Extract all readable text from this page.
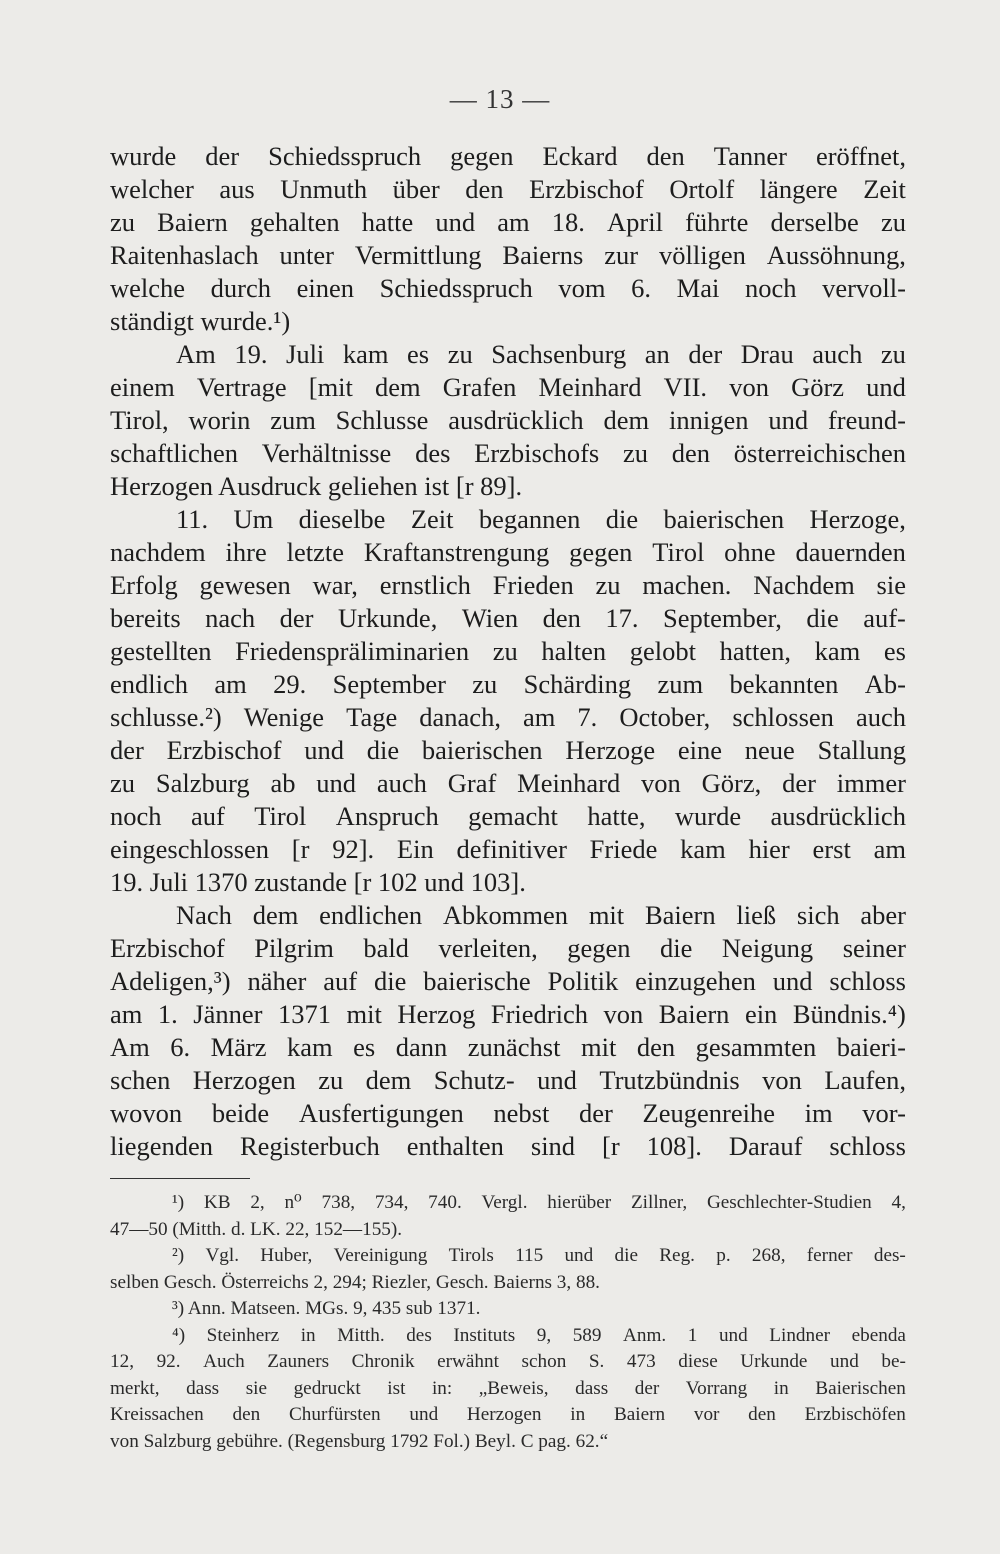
— 13 —
wurde der Schiedsspruch gegen Eckard den Tanner eröffnet,
welcher aus Unmuth über den Erzbischof Ortolf längere Zeit
zu Baiern gehalten hatte und am 18. April führte derselbe zu
Raitenhaslach unter Vermittlung Baierns zur völligen Aussöhnung,
welche durch einen Schiedsspruch vom 6. Mai noch vervoll-
ständigt wurde.¹)
Am 19. Juli kam es zu Sachsenburg an der Drau auch zu
einem Vertrage [mit dem Grafen Meinhard VII. von Görz und
Tirol, worin zum Schlusse ausdrücklich dem innigen und freund-
schaftlichen Verhältnisse des Erzbischofs zu den österreichischen
Herzogen Ausdruck geliehen ist [r 89].
11. Um dieselbe Zeit begannen die baierischen Herzoge,
nachdem ihre letzte Kraftanstrengung gegen Tirol ohne dauernden
Erfolg gewesen war, ernstlich Frieden zu machen. Nachdem sie
bereits nach der Urkunde, Wien den 17. September, die auf-
gestellten Friedenspräliminarien zu halten gelobt hatten, kam es
endlich am 29. September zu Schärding zum bekannten Ab-
schlusse.²) Wenige Tage danach, am 7. October, schlossen auch
der Erzbischof und die baierischen Herzoge eine neue Stallung
zu Salzburg ab und auch Graf Meinhard von Görz, der immer
noch auf Tirol Anspruch gemacht hatte, wurde ausdrücklich
eingeschlossen [r 92]. Ein definitiver Friede kam hier erst am
19. Juli 1370 zustande [r 102 und 103].
Nach dem endlichen Abkommen mit Baiern ließ sich aber
Erzbischof Pilgrim bald verleiten, gegen die Neigung seiner
Adeligen,³) näher auf die baierische Politik einzugehen und schloss
am 1. Jänner 1371 mit Herzog Friedrich von Baiern ein Bündnis.⁴)
Am 6. März kam es dann zunächst mit den gesammten baieri-
schen Herzogen zu dem Schutz- und Trutzbündnis von Laufen,
wovon beide Ausfertigungen nebst der Zeugenreihe im vor-
liegenden Registerbuch enthalten sind [r 108]. Darauf schloss
¹) KB 2, n⁰ 738, 734, 740. Vergl. hierüber Zillner, Geschlechter-Studien 4,
47—50 (Mitth. d. LK. 22, 152—155).
²) Vgl. Huber, Vereinigung Tirols 115 und die Reg. p. 268, ferner des-
selben Gesch. Österreichs 2, 294; Riezler, Gesch. Baierns 3, 88.
³) Ann. Matseen. MGs. 9, 435 sub 1371.
⁴) Steinherz in Mitth. des Instituts 9, 589 Anm. 1 und Lindner ebenda
12, 92. Auch Zauners Chronik erwähnt schon S. 473 diese Urkunde und be-
merkt, dass sie gedruckt ist in: „Beweis, dass der Vorrang in Baierischen
Kreissachen den Churfürsten und Herzogen in Baiern vor den Erzbischöfen
von Salzburg gebühre. (Regensburg 1792 Fol.) Beyl. C pag. 62.“
